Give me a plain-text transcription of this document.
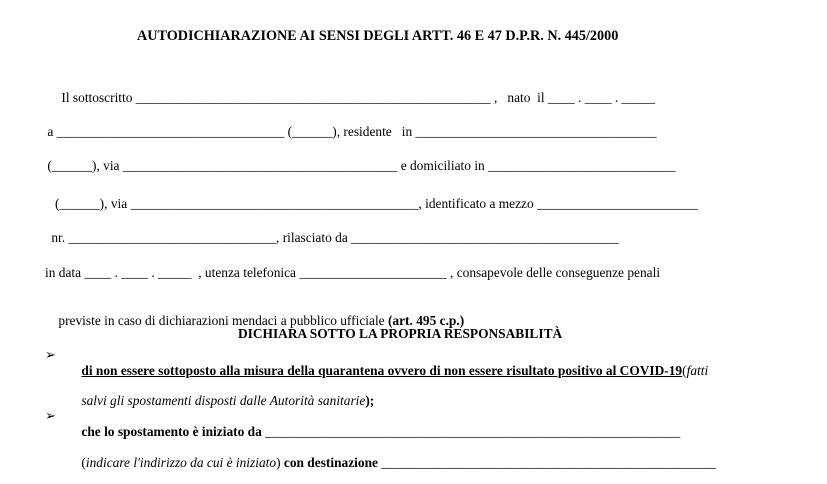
AUTODICHIARAZIONE AI SENSI DEGLI ARTT. 46 E 47 D.P.R. N. 445/2000
Il sottoscritto _____________________________________________________ ,   nato  il ____ . ____ . _____
a __________________________________ (______), residente   in ____________________________________
(______), via _________________________________________ e domiciliato in ____________________________
(______), via ___________________________________________, identificato a mezzo ________________________
nr. _______________________________, rilasciato da ________________________________________
in data ____ . ____ . _____  , utenza telefonica ______________________ , consapevole delle conseguenze penali

previste in caso di dichiarazioni mendaci a pubblico ufficiale (art. 495 c.p.)

DICHIARA SOTTO LA PROPRIA RESPONSABILITÀ
➢

di non essere sottoposto alla misura della quarantena ovvero di non essere risultato positivo al COVID-19(fatti

salvi gli spostamenti disposti dalle Autorità sanitarie);

➢

che lo spostamento è iniziato da ______________________________________________________________

(indicare l'indirizzo da cui è iniziato) con destinazione __________________________________________________
